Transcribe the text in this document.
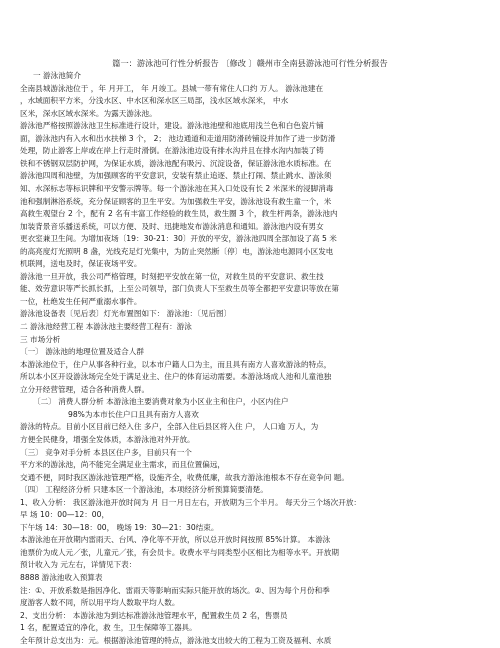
篇一：游泳池可行性分析报告 〔修改 〕赣州市全南县游泳池可行性分析报告
一 游泳池简介
全南县城游泳池位于 ，年 月开工， 年 月竣工。县城一带有常住人口约 万人。 游泳池建在
，水域面积平方米，分浅水区、中水区和深水区三局部，浅水区域水深米， 中水
区米，深水区域水深米。为露天游泳池。
游泳池严格按照游泳池卫生标准进行设计，建设。游泳池池壁和池底用浅兰色和白色瓷片铺
面，游泳池内有入水和出水扶梯 3 个， 2； 池边通道和走道用防滑砖铺设并加作了进一步防滑
处理，防止游客上岸或在岸上行走时滑倒。在游泳池边设有排水沟并且在排水沟内加装了铸
铁和不锈钢双层防护网，为保证水质，游泳池配有吸污、沉淀设备，保证游泳池水质标准。在
游泳池四周和池壁，为加强顾客的平安意识，安装有禁止追逐、禁止打闹、禁止跳水、游泳须
知、水深标志等标识牌和平安警示牌等。每一个游泳池在其入口处设有长 2 米深米的浸脚消毒
池和强制淋浴系统，充分保证顾客的卫生平安。为加强救生平安，游泳池设有救生童一个，米
高救生观望台 2 个，配有 2 名有丰富工作经验的救生员，救生圈 3 个，救生杆两条，游泳池内
加装背景音乐播送系统，可以方便、及时、迅捷地发布游泳消息和通知。游泳池内设有男女
更衣室兼卫生间。为增加夜场〔19：30-21：30〕开放的平安，游泳池四周全部加设了高 5 米
的高亮度灯光照明 8 盏，光线充足灯光集中，为防止突然断〔停〕电，游泳池电源同小区发电
机联网，送电及时，保证夜场平安。
游泳池一旦开放，我公司严格管理，时刻把平安放在第一位，对救生员的平安意识、救生技
能、效劳意识等严长抓长抓，上至公司领导，部门负责人下至救生员等全都把平安意识等放在第
一位，杜绝发生任何严重溺水事件。
游泳池设备表〔见后表〕灯光布置图如下： 游泳池：〔见后图〕
二 游泳池经营工程 本游泳池主要经营工程有：游泳
三 市场分析
〔一〕 游泳池的地理位置及适合人群
本游泳池位于，住户从事各种行业，以本市户籍人口为主，而且具有南方人喜欢游泳的特点，
所以本小区开设游泳场完全处于满足业主、住户的体育运动需要。本游泳场成人池和儿童池独
立分开经营管理，适合各种消费人群。
〔二〕 消费人群分析 本游泳池主要消费对象为小区业主和住户，小区内住户
98%为本市长住户口且具有南方人喜欢
游泳的特点。目前小区目前已经入住 多户，全部入住后县区将入住 户， 人口逾 万人，为
方便全民健身，增强全发体质，本游泳池对外开放。
〔三〕 竞争对手分析 本县区住户多，目前只有一个
平方米的游泳池，尚不能完全满足业主需求，而且位置偏远，
交通不便，同时我区游泳池管理严格，设施齐全，收费低廉，故我方游泳池根本不存在竞争问 题。
〔四〕 工程经济分析 只建本区一个游泳池，本项经济分析预算简要清楚。
1、收入分析： 我区游泳池开放时间为 月 日一月日左右，开放期为三个半月。 每天分三个场次开放：
早 场 10：00—12：00，
下午场 14：30—18：00， 晚场 19：30—21：30结束。
本游泳池在开放期内雷雨天、台风、净化等不开放，所以总开放时间按照 85%计算。 本游泳
池票价为成人元／张，儿童元／张，有会员卡。收费水平与同类型小区相比为相等水平。开放期
预计收入为 元左右，详情见下表：
8888 游泳池收入预算表
注：①、开放系数是指因净化、雷雨天等影响而实际只能开放的场次。②、因为每个月份和季
度游客人数不同，所以用平均人数取平均人数。
2、支出分析： 本游泳池为到达标准游泳池管理水平，配置救生员 2 名，售票员
1 名，配置适宜的净化，救 生，卫生保障等工器具。
全年预计总支出为：元。根据游泳池管理的特点，游泳池支出较大的工程为工资及福利、水质
